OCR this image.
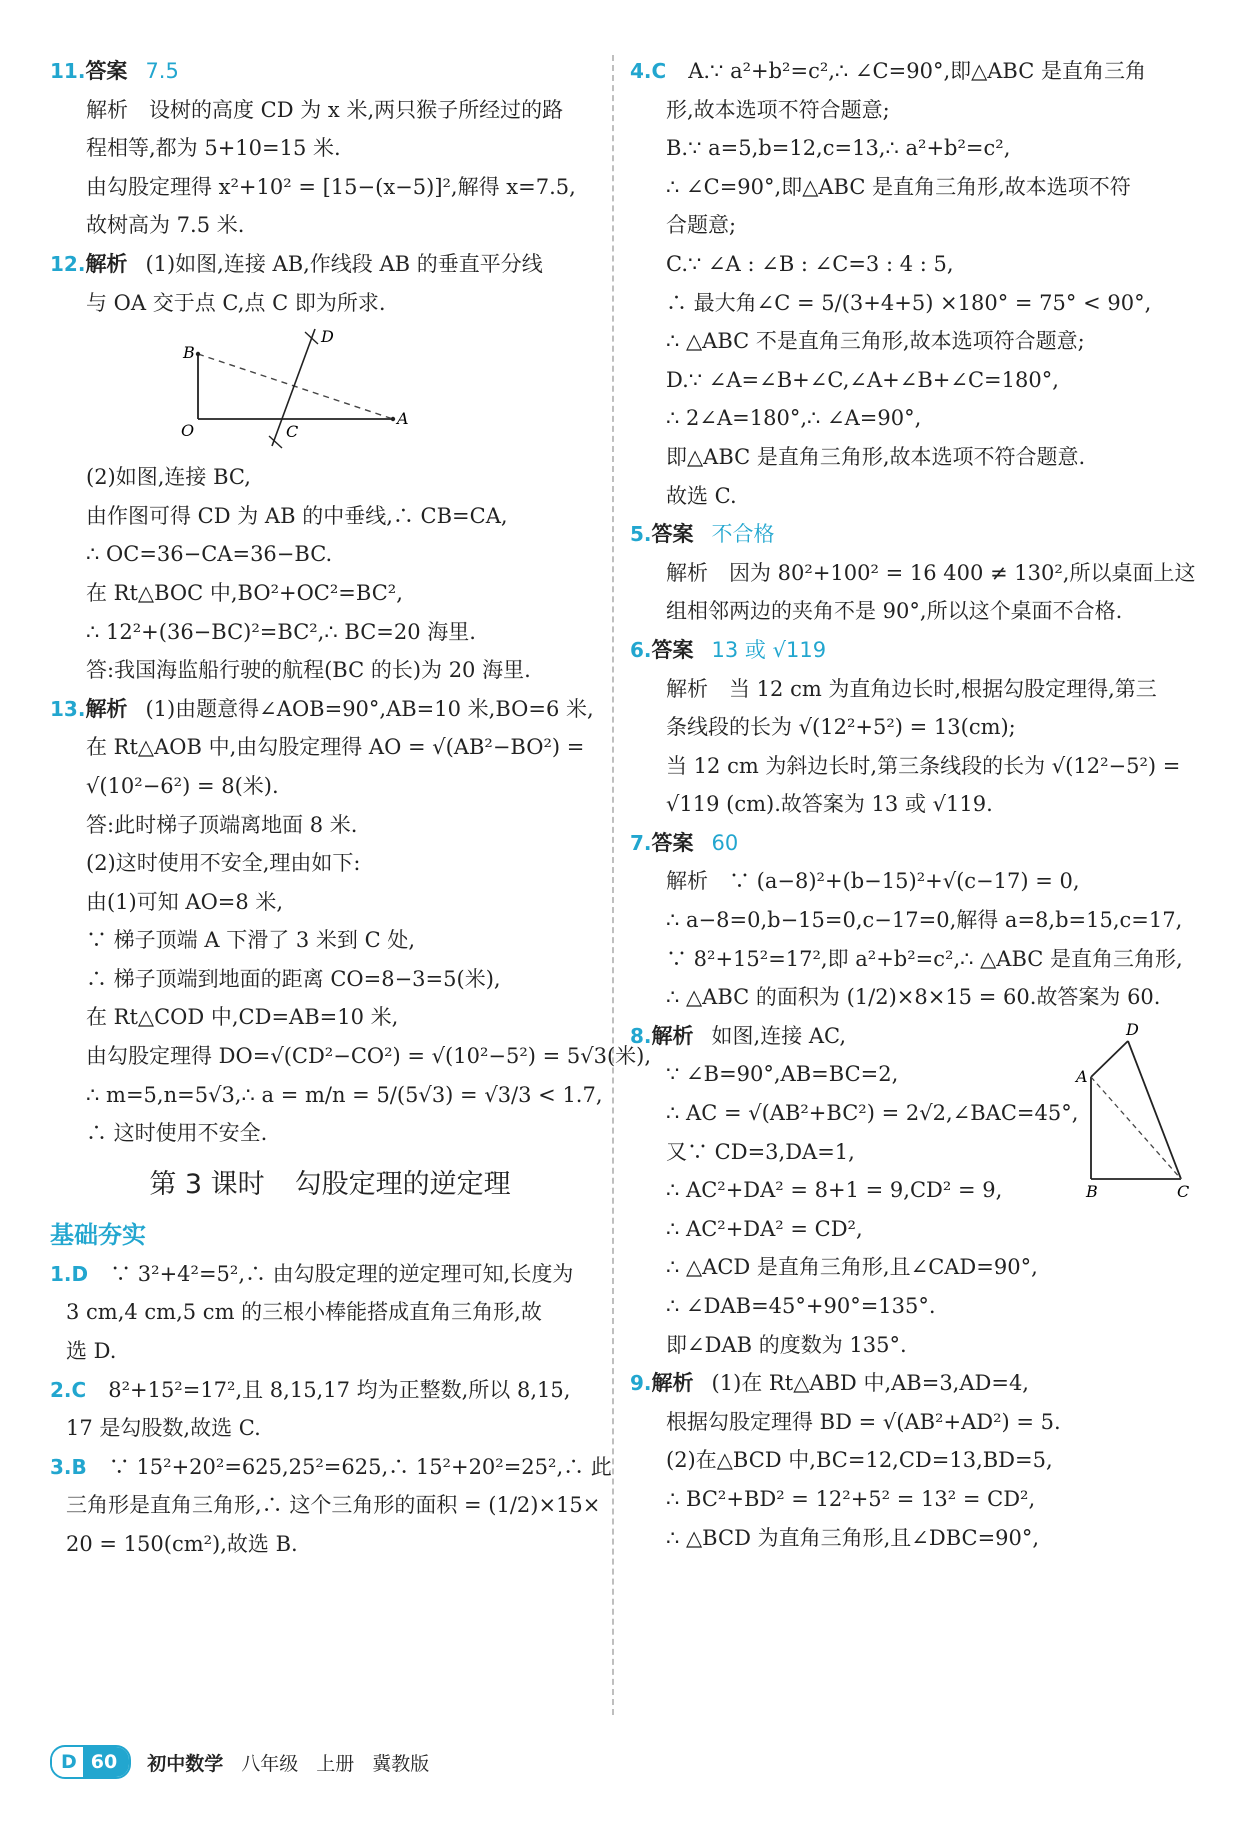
11.答案 7.5

解析　设树的高度 CD 为 x 米,两只猴子所经过的路

程相等,都为 5+10=15 米.

由勾股定理得 x²+10² = [15−(x−5)]²,解得 x=7.5,

故树高为 7.5 米.

12.解析 (1)如图,连接 AB,作线段 AB 的垂直平分线

与 OA 交于点 C,点 C 即为所求.

B
D
O	C
A

(2)如图,连接 BC,

由作图可得 CD 为 AB 的中垂线,∴ CB=CA,

∴ OC=36−CA=36−BC.

在 Rt△BOC 中,BO²+OC²=BC²,

∴ 12²+(36−BC)²=BC²,∴ BC=20 海里.

答:我国海监船行驶的航程(BC 的长)为 20 海里.

13.解析 (1)由题意得∠AOB=90°,AB=10 米,BO=6 米,

在 Rt△AOB 中,由勾股定理得 AO = √(AB²−BO²) =

√(10²−6²) = 8(米).

答:此时梯子顶端离地面 8 米.

(2)这时使用不安全,理由如下:

由(1)可知 AO=8 米,

∵ 梯子顶端 A 下滑了 3 米到 C 处,

∴ 梯子顶端到地面的距离 CO=8−3=5(米),

在 Rt△COD 中,CD=AB=10 米,

由勾股定理得 DO=√(CD²−CO²) = √(10²−5²) = 5√3(米),

∴ m=5,n=5√3,∴ a = m/n = 5/(5√3) = √3/3 < 1.7,

∴ 这时使用不安全.

第 3 课时 勾股定理的逆定理
基础夯实

1.D ∵ 3²+4²=5²,∴ 由勾股定理的逆定理可知,长度为

3 cm,4 cm,5 cm 的三根小棒能搭成直角三角形,故

选 D.

2.C 8²+15²=17²,且 8,15,17 均为正整数,所以 8,15,

17 是勾股数,故选 C.

3.B ∵ 15²+20²=625,25²=625,∴ 15²+20²=25²,∴ 此

三角形是直角三角形,∴ 这个三角形的面积 = (1/2)×15×

20 = 150(cm²),故选 B.

4.C A.∵ a²+b²=c²,∴ ∠C=90°,即△ABC 是直角三角

形,故本选项不符合题意;

B.∵ a=5,b=12,c=13,∴ a²+b²=c²,

∴ ∠C=90°,即△ABC 是直角三角形,故本选项不符

合题意;

C.∵ ∠A : ∠B : ∠C=3 : 4 : 5,

∴ 最大角∠C = 5/(3+4+5) ×180° = 75° < 90°,

∴ △ABC 不是直角三角形,故本选项符合题意;

D.∵ ∠A=∠B+∠C,∠A+∠B+∠C=180°,

∴ 2∠A=180°,∴ ∠A=90°,

即△ABC 是直角三角形,故本选项不符合题意.

故选 C.

5.答案 不合格

解析　因为 80²+100² = 16 400 ≠ 130²,所以桌面上这

组相邻两边的夹角不是 90°,所以这个桌面不合格.

6.答案 13 或 √119

解析　当 12 cm 为直角边长时,根据勾股定理得,第三

条线段的长为 √(12²+5²) = 13(cm);

当 12 cm 为斜边长时,第三条线段的长为 √(12²−5²) =

√119 (cm).故答案为 13 或 √119.

7.答案 60

解析　∵ (a−8)²+(b−15)²+√(c−17) = 0,

∴ a−8=0,b−15=0,c−17=0,解得 a=8,b=15,c=17,

∵ 8²+15²=17²,即 a²+b²=c²,∴ △ABC 是直角三角形,

∴ △ABC 的面积为 (1/2)×8×15 = 60.故答案为 60.

8.解析 如图,连接 AC,

∵ ∠B=90°,AB=BC=2,

∴ AC = √(AB²+BC²) = 2√2,∠BAC=45°,

又∵ CD=3,DA=1,

∴ AC²+DA² = 8+1 = 9,CD² = 9,

∴ AC²+DA² = CD²,

∴ △ACD 是直角三角形,且∠CAD=90°,

∴ ∠DAB=45°+90°=135°.

即∠DAB 的度数为 135°.

D
A
B	C

9.解析 (1)在 Rt△ABD 中,AB=3,AD=4,

根据勾股定理得 BD = √(AB²+AD²) = 5.

(2)在△BCD 中,BC=12,CD=13,BD=5,

∴ BC²+BD² = 12²+5² = 13² = CD²,

∴ △BCD 为直角三角形,且∠DBC=90°,

D 60	初中数学 八年级 上册 冀教版
